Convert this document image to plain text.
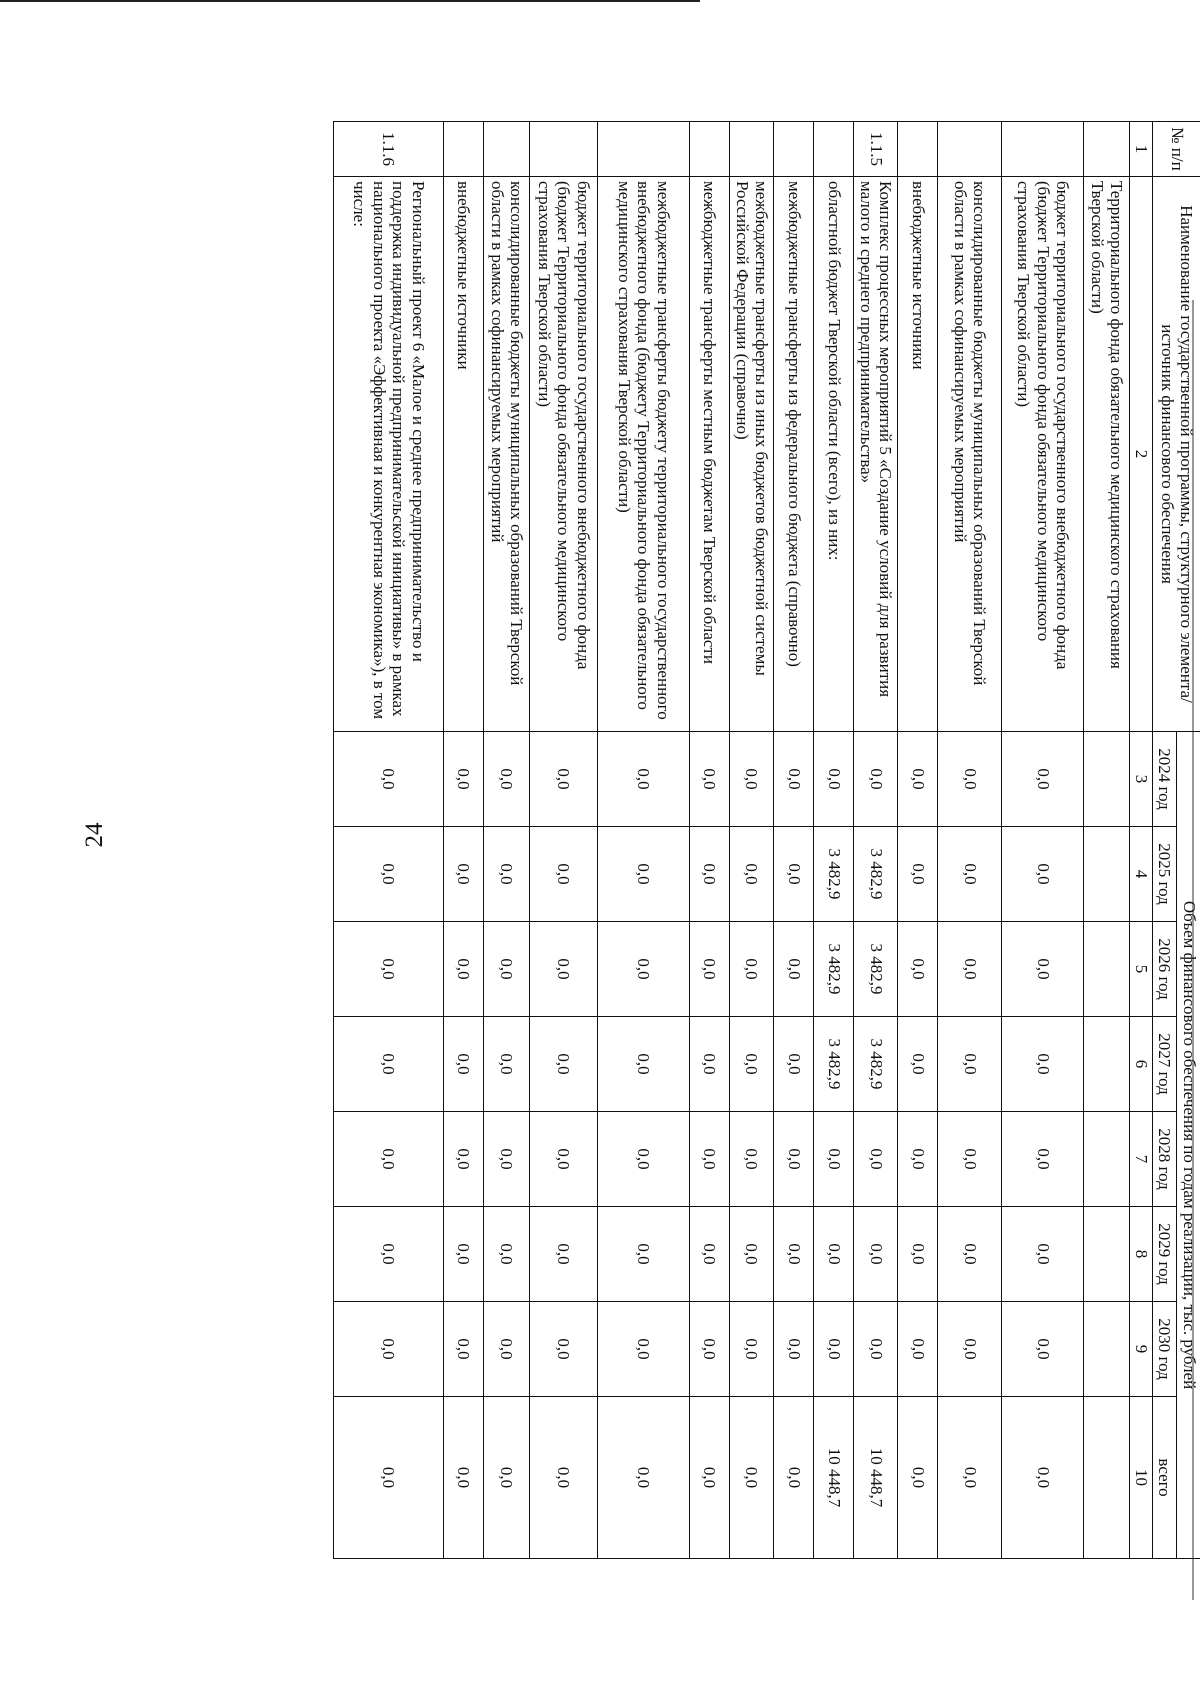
24
№ п/п	Наименование государственной программы, структурного элемента/источник финансового обеспечения	Объем финансового обеспечения по годам реализации, тыс. рублей							
		2024 год	2025 год	2026 год	2027 год	2028 год	2029 год	2030 год	всего
1	2	3	4	5	6	7	8	9	10
	Территориального фонда обязательного медицинского страхования Тверской области)								
	бюджет территориального государственного внебюджетного фонда (бюджет Территориального фонда обязательного медицинского страхования Тверской области)	0,0	0,0	0,0	0,0	0,0	0,0	0,0	0,0
	консолидированные бюджеты муниципальных образований Тверской области в рамках софинансируемых мероприятий	0,0	0,0	0,0	0,0	0,0	0,0	0,0	0,0
	внебюджетные источники	0,0	0,0	0,0	0,0	0,0	0,0	0,0	0,0
1.1.5	Комплекс процессных мероприятий 5 «Создание условий для развития малого и среднего предпринимательства»	0,0	3 482,9	3 482,9	3 482,9	0,0	0,0	0,0	10 448,7
	областной бюджет Тверской области (всего), из них:	0,0	3 482,9	3 482,9	3 482,9	0,0	0,0	0,0	10 448,7
	межбюджетные трансферты из федерального бюджета (справочно)	0,0	0,0	0,0	0,0	0,0	0,0	0,0	0,0
	межбюджетные трансферты из иных бюджетов бюджетной системы Российской Федерации (справочно)	0,0	0,0	0,0	0,0	0,0	0,0	0,0	0,0
	межбюджетные трансферты местным бюджетам Тверской области	0,0	0,0	0,0	0,0	0,0	0,0	0,0	0,0
	межбюджетные трансферты бюджету территориального государственного внебюджетного фонда (бюджету Территориального фонда обязательного медицинского страхования Тверской области)	0,0	0,0	0,0	0,0	0,0	0,0	0,0	0,0
	бюджет территориального государственного внебюджетного фонда (бюджет Территориального фонда обязательного медицинского страхования Тверской области)	0,0	0,0	0,0	0,0	0,0	0,0	0,0	0,0
	консолидированные бюджеты муниципальных образований Тверской области в рамках софинансируемых мероприятий	0,0	0,0	0,0	0,0	0,0	0,0	0,0	0,0
	внебюджетные источники	0,0	0,0	0,0	0,0	0,0	0,0	0,0	0,0
1.1.6	Региональный проект 6 «Малое и среднее предпринимательство и поддержка индивидуальной предпринимательской инициативы» в рамках национального проекта «Эффективная и конкурентная экономика»), в том числе:	0,0	0,0	0,0	0,0	0,0	0,0	0,0	0,0
